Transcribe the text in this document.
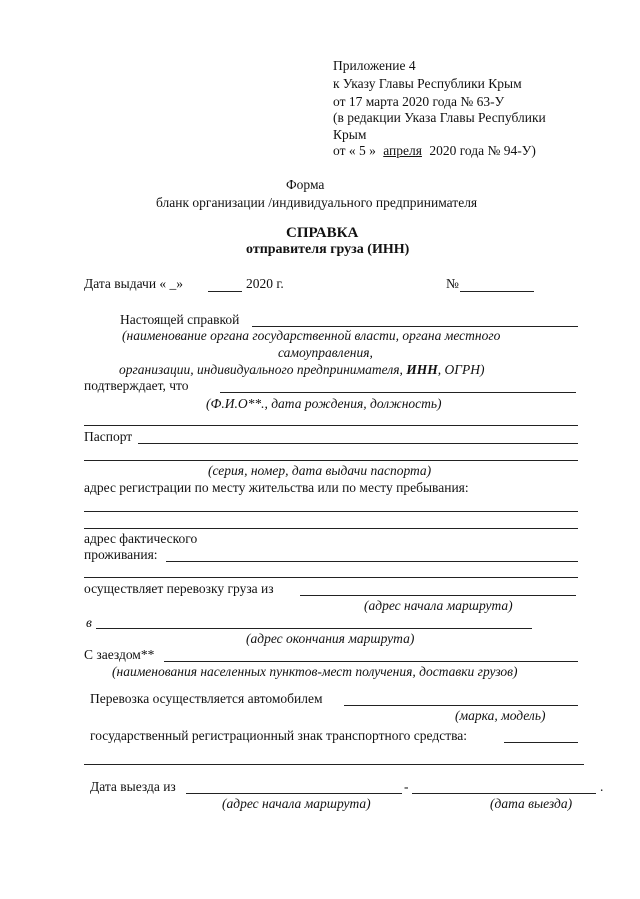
Приложение 4
к Указу Главы Республики Крым
от 17 марта 2020 года № 63-У
(в редакции Указа Главы Республики
Крым
от « 5 » апреля 2020 года № 94-У)
Форма
бланк организации /индивидуального предпринимателя
СПРАВКА
отправителя груза (ИНН)
Дата выдачи « _»	2020 г.	№
Настоящей справкой
(наименование органа государственной власти, органа местного
самоуправления,
организации, индивидуального предпринимателя, ИНН, ОГРН)
подтверждает, что
(Ф.И.О**., дата рождения, должность)
Паспорт
(серия, номер, дата выдачи паспорта)
адрес регистрации по месту жительства или по месту пребывания:
адрес фактического
проживания:
осуществляет перевозку груза из
(адрес начала маршрута)
в
(адрес окончания маршрута)
С заездом**
(наименования населенных пунктов-мест получения, доставки грузов)
Перевозка осуществляется автомобилем
(марка, модель)
государственный регистрационный знак транспортного средства:
Дата выезда из	-	.
(адрес начала маршрута)	(дата выезда)
